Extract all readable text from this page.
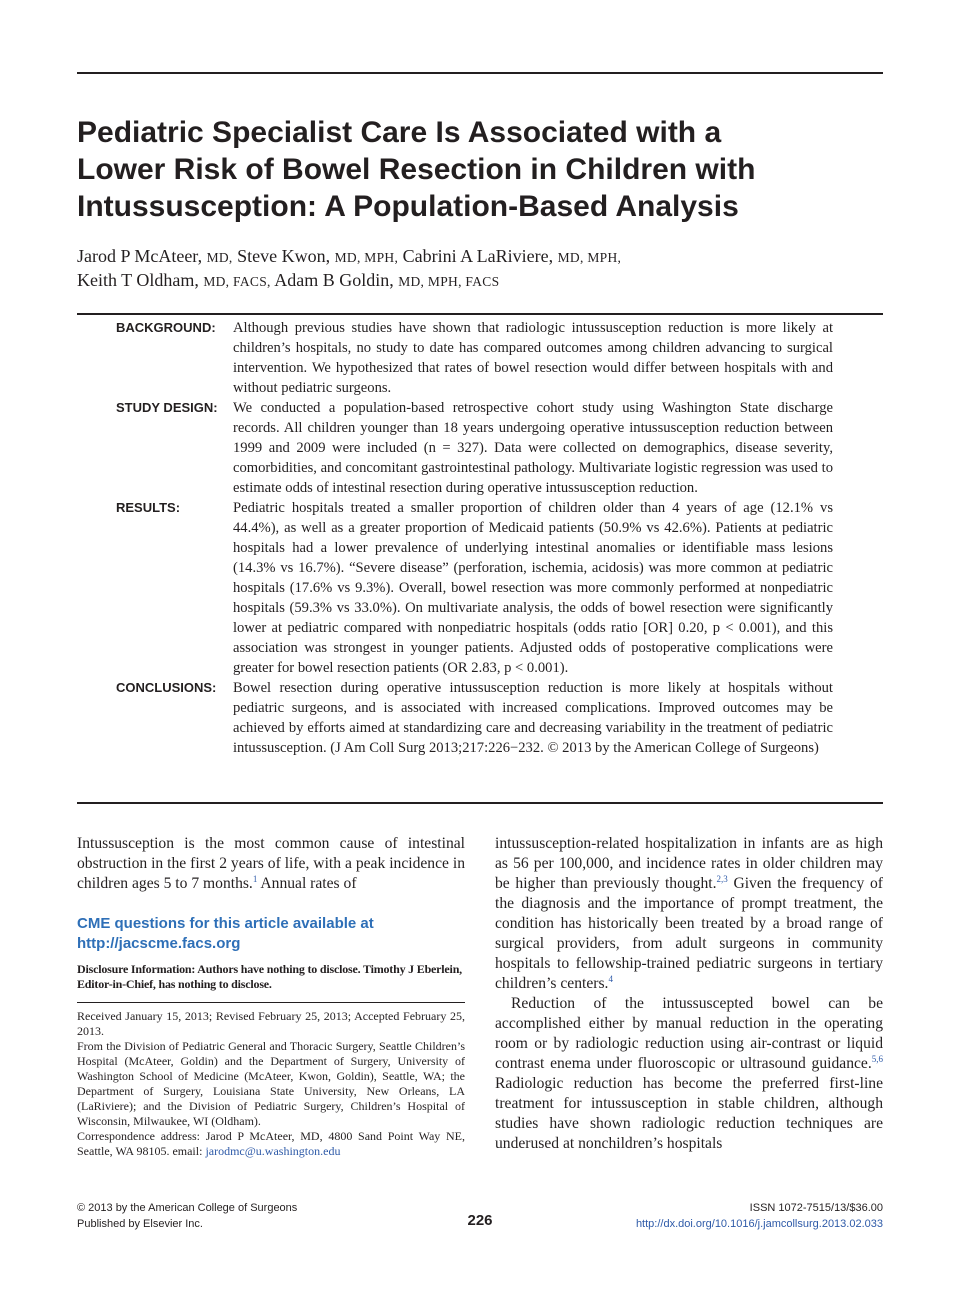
Pediatric Specialist Care Is Associated with a
Lower Risk of Bowel Resection in Children with
Intussusception: A Population-Based Analysis
Jarod P McAteer, MD, Steve Kwon, MD, MPH, Cabrini A LaRiviere, MD, MPH,
Keith T Oldham, MD, FACS, Adam B Goldin, MD, MPH, FACS
BACKGROUND:	Although previous studies have shown that radiologic intussusception reduction is more likely at children’s hospitals, no study to date has compared outcomes among children advancing to surgical intervention. We hypothesized that rates of bowel resection would differ between hospitals with and without pediatric surgeons.
STUDY DESIGN:	We conducted a population-based retrospective cohort study using Washington State discharge records. All children younger than 18 years undergoing operative intussusception reduction between 1999 and 2009 were included (n = 327). Data were collected on demographics, disease severity, comorbidities, and concomitant gastrointestinal pathology. Multivariate logistic regression was used to estimate odds of intestinal resection during operative intussusception reduction.
RESULTS:	Pediatric hospitals treated a smaller proportion of children older than 4 years of age (12.1% vs 44.4%), as well as a greater proportion of Medicaid patients (50.9% vs 42.6%). Patients at pediatric hospitals had a lower prevalence of underlying intestinal anomalies or identifiable mass lesions (14.3% vs 16.7%). “Severe disease” (perforation, ischemia, acidosis) was more common at pediatric hospitals (17.6% vs 9.3%). Overall, bowel resection was more commonly performed at nonpediatric hospitals (59.3% vs 33.0%). On multivariate analysis, the odds of bowel resection were significantly lower at pediatric compared with nonpediatric hospitals (odds ratio [OR] 0.20, p < 0.001), and this association was strongest in younger patients. Adjusted odds of postoperative complications were greater for bowel resection patients (OR 2.83, p < 0.001).
CONCLUSIONS:	Bowel resection during operative intussusception reduction is more likely at hospitals without pediatric surgeons, and is associated with increased complications. Improved outcomes may be achieved by efforts aimed at standardizing care and decreasing variability in the treatment of pediatric intussusception. (J Am Coll Surg 2013;217:226−232. © 2013 by the American College of Surgeons)

Intussusception is the most common cause of intestinal obstruction in the first 2 years of life, with a peak incidence in children ages 5 to 7 months.$^1$ Annual rates of

CME questions for this article available at
http://jacscme.facs.org
Disclosure Information: Authors have nothing to disclose. Timothy J Eberlein, Editor-in-Chief, has nothing to disclose.

Received January 15, 2013; Revised February 25, 2013; Accepted February 25, 2013.

From the Division of Pediatric General and Thoracic Surgery, Seattle Children’s Hospital (McAteer, Goldin) and the Department of Surgery, University of Washington School of Medicine (McAteer, Kwon, Goldin), Seattle, WA; the Department of Surgery, Louisiana State University, New Orleans, LA (LaRiviere); and the Division of Pediatric Surgery, Children’s Hospital of Wisconsin, Milwaukee, WI (Oldham).

Correspondence address: Jarod P McAteer, MD, 4800 Sand Point Way NE, Seattle, WA 98105. email: jarodmc@u.washington.edu

intussusception-related hospitalization in infants are as high as 56 per 100,000, and incidence rates in older children may be higher than previously thought.$^{2,3}$ Given the frequency of the diagnosis and the importance of prompt treatment, the condition has historically been treated by a broad range of surgical providers, from adult surgeons in community hospitals to fellowship-trained pediatric surgeons in tertiary children’s centers.$^4$

Reduction of the intussuscepted bowel can be accomplished either by manual reduction in the operating room or by radiologic reduction using air-contrast or liquid contrast enema under fluoroscopic or ultrasound guidance.$^{5,6}$ Radiologic reduction has become the preferred first-line treatment for intussusception in stable children, although studies have shown radiologic reduction techniques are underused at nonchildren’s hospitals

© 2013 by the American College of Surgeons
Published by Elsevier Inc.	226
ISSN 1072-7515/13/$36.00
http://dx.doi.org/10.1016/j.jamcollsurg.2013.02.033
